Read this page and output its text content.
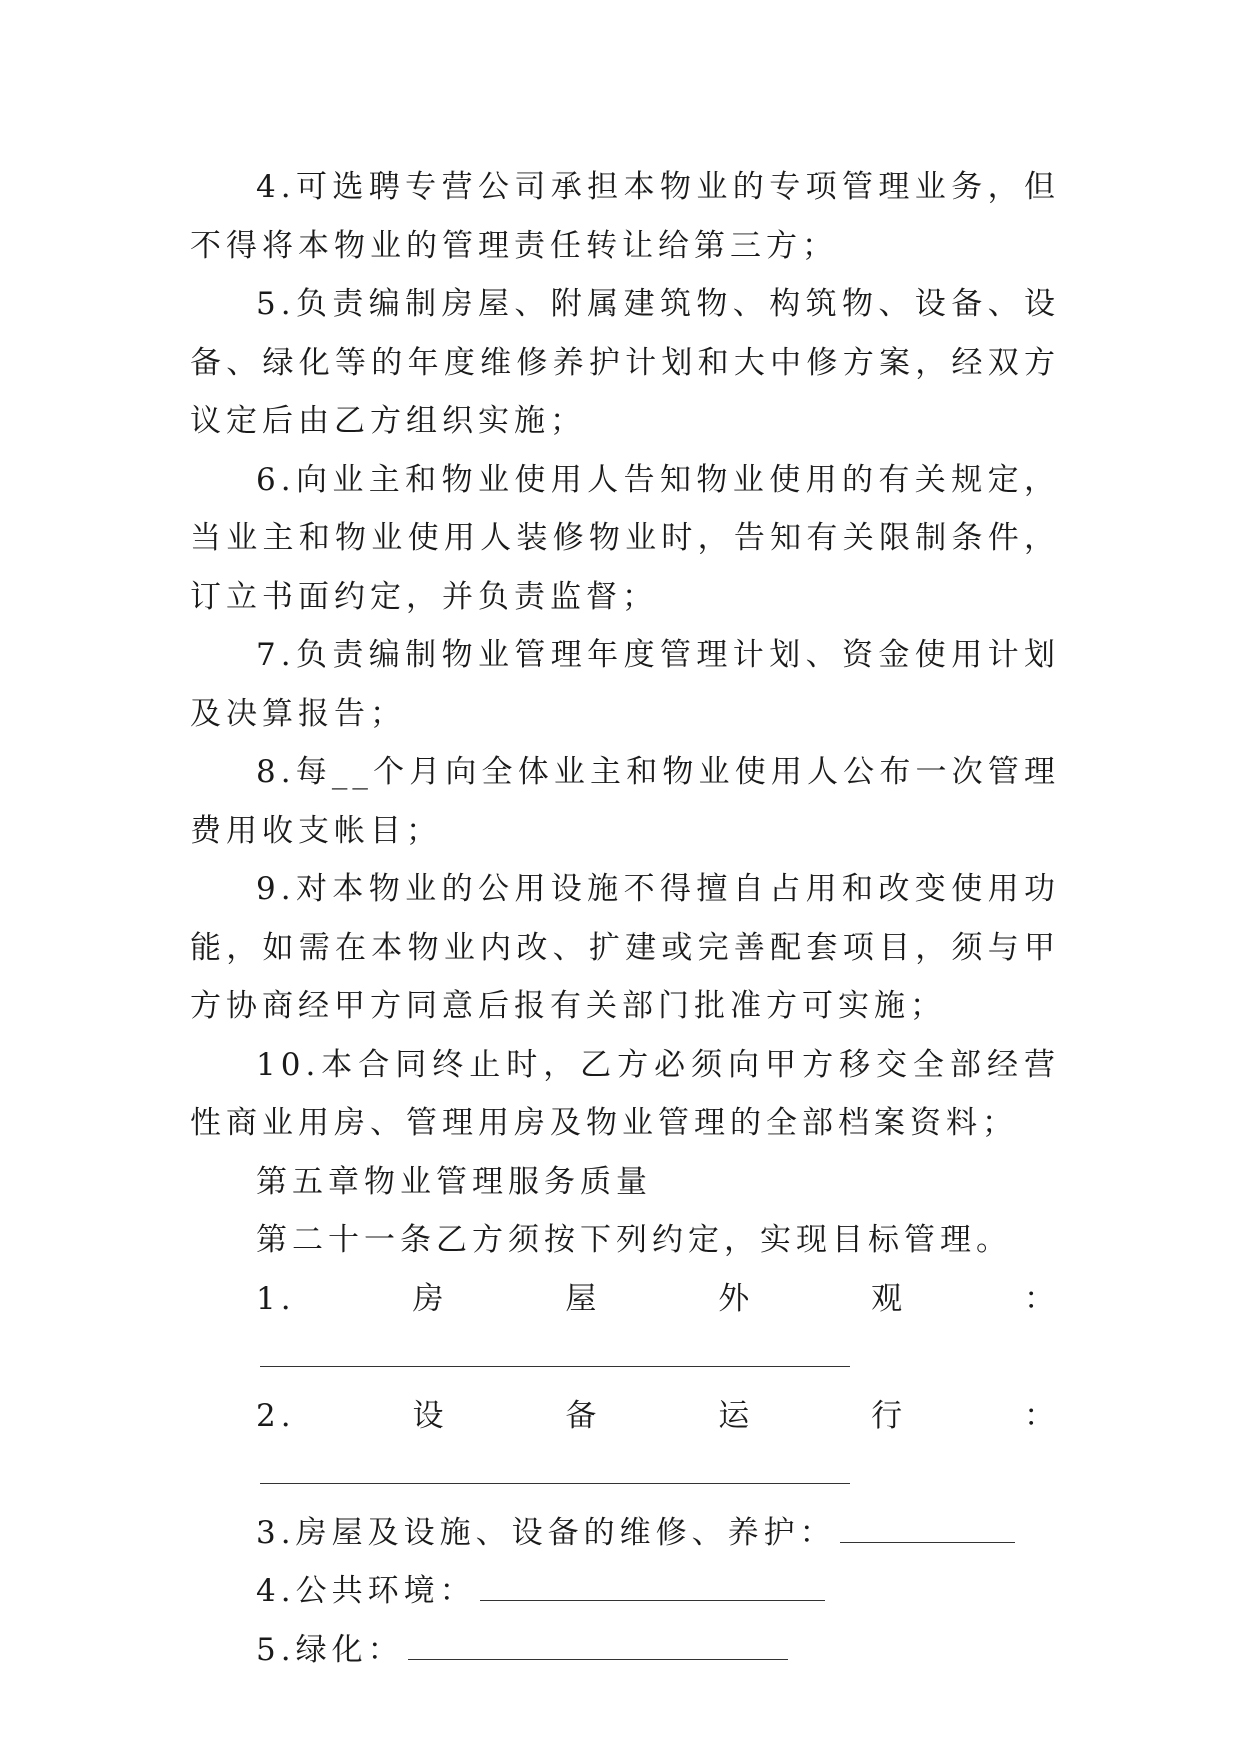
4.可选聘专营公司承担本物业的专项管理业务，但不得将本物业的管理责任转让给第三方；

5.负责编制房屋、附属建筑物、构筑物、设备、设备、绿化等的年度维修养护计划和大中修方案，经双方议定后由乙方组织实施；

6.向业主和物业使用人告知物业使用的有关规定，当业主和物业使用人装修物业时，告知有关限制条件，订立书面约定，并负责监督；

7.负责编制物业管理年度管理计划、资金使用计划及决算报告；

8.每__个月向全体业主和物业使用人公布一次管理费用收支帐目；

9.对本物业的公用设施不得擅自占用和改变使用功能，如需在本物业内改、扩建或完善配套项目，须与甲方协商经甲方同意后报有关部门批准方可实施；

10.本合同终止时，乙方必须向甲方移交全部经营性商业用房、管理用房及物业管理的全部档案资料；

第五章物业管理服务质量

第二十一条乙方须按下列约定，实现目标管理。

1.房屋外观：

2.设备运行：

3.房屋及设施、设备的维修、养护：

4.公共环境：

5.绿化：
